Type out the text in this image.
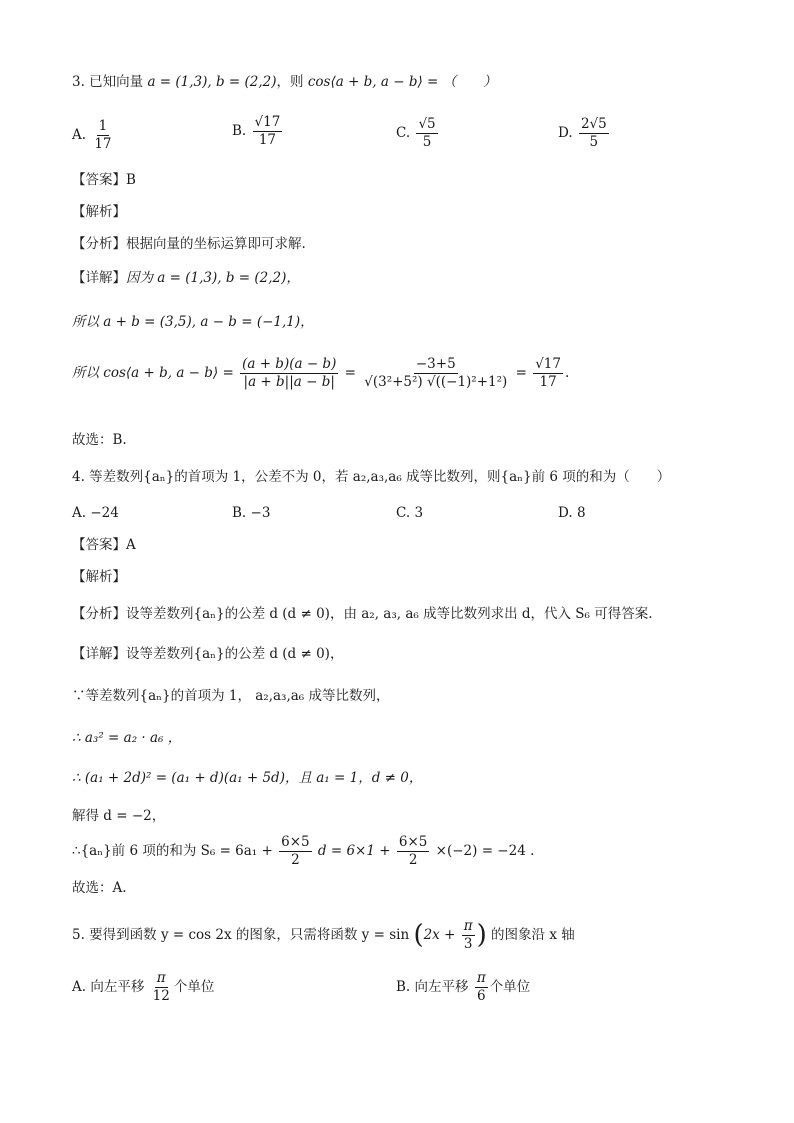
3. 已知向量 a = (1,3), b = (2,2)，则 cos⟨a + b, a − b⟩ = （　　）
A. $\frac{1}{17}$	B. $\frac{√17}{17}$	C. $\frac{√5}{5}$	D. $\frac{2√5}{5}$
【答案】B
【解析】
【分析】根据向量的坐标运算即可求解.
【详解】因为 a = (1,3), b = (2,2)，
所以 a + b = (3,5), a − b = (−1,1)，
所以 cos⟨a + b, a − b⟩ = $\frac{(a + b)(a - b)}{|a + b||a - b|} = \frac{-3+5}{\text{√(3²+5²) √((−1)²+1²)}} = \frac{√17}{17}$ .
故选：B.
4. 等差数列{aₙ}的首项为 1，公差不为 0，若 a₂,a₃,a₆ 成等比数列，则{aₙ}前 6 项的和为（　　）
A. −24	B. −3	C. 3	D. 8
【答案】A
【解析】
【分析】设等差数列{aₙ}的公差 d (d ≠ 0)，由 a₂, a₃, a₆ 成等比数列求出 d，代入 S₆ 可得答案.
【详解】设等差数列{aₙ}的公差 d (d ≠ 0)，
∵等差数列{aₙ}的首项为 1， a₂,a₃,a₆ 成等比数列，
∴ a₃² = a₂ · a₆ ，
∴ (a₁ + 2d)² = (a₁ + d)(a₁ + 5d)，且 a₁ = 1，d ≠ 0，
解得 d = −2，
∴{aₙ}前 6 项的和为 $S_6 = 6a_1 + \frac{6\times 5}{2}$ $d = 6\times 1 + \frac{6\times 5}{2} \times(-2) = -24$ .
故选：A.
5. 要得到函数 y = cos 2x 的图象，只需将函数 $y = \sin (2x + \frac{\pi}{3}$ ) 的图象沿 x 轴
A. 向左平移 $\frac{\pi}{12}$ 个单位	B. 向左平移 $\frac{\pi}{6}$ 个单位
